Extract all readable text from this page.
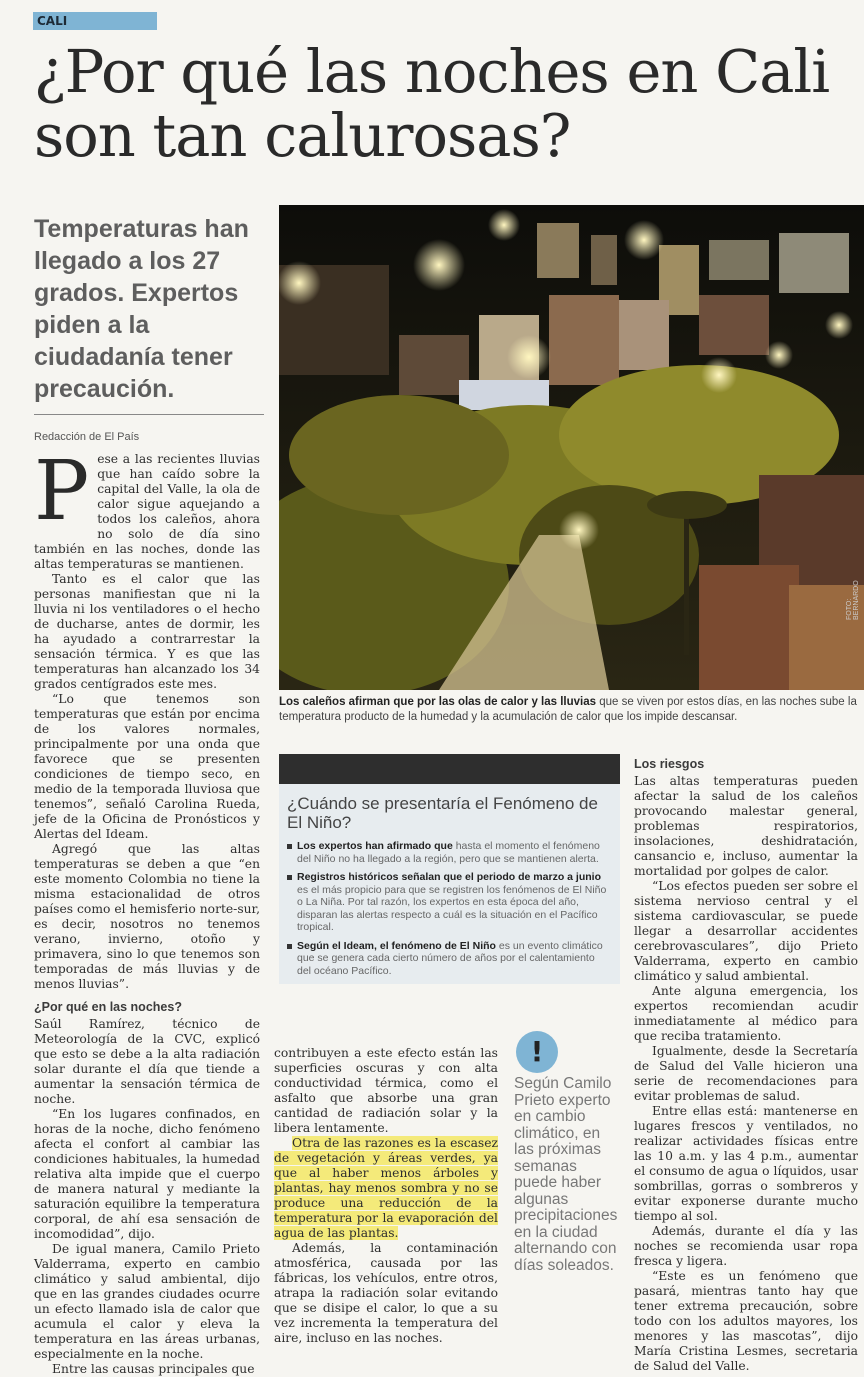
CALI
¿Por qué las noches en Cali son tan calurosas?

Temperaturas han llegado a los 27 grados. Expertos piden a la ciudadanía tener precaución.

Redacción de El País
FOTO: BERNARDO

Los caleños afirman que por las olas de calor y las lluvias que se viven por estos días, en las noches sube la temperatura producto de la humedad y la acumulación de calor que los impide descansar.

Pese a las recientes lluvias que han caído sobre la capital del Valle, la ola de calor sigue aquejando a todos los caleños, ahora no solo de día sino también en las noches, donde las altas temperaturas se mantienen.

Tanto es el calor que las personas manifiestan que ni la lluvia ni los ventiladores o el hecho de ducharse, antes de dormir, les ha ayudado a contrarrestar la sensación térmica. Y es que las temperaturas han alcanzado los 34 grados centígrados este mes.

“Lo que tenemos son temperaturas que están por encima de los valores normales, principalmente por una onda que favorece que se presenten condiciones de tiempo seco, en medio de la temporada lluviosa que tenemos”, señaló Carolina Rueda, jefe de la Oficina de Pronósticos y Alertas del Ideam.

Agregó que las altas temperaturas se deben a que “en este momento Colombia no tiene la misma estacionalidad de otros países como el hemisferio norte-sur, es decir, nosotros no tenemos verano, invierno, otoño y primavera, sino lo que tenemos son temporadas de más lluvias y de menos lluvias”.

¿Por qué en las noches?

Saúl Ramírez, técnico de Meteorología de la CVC, explicó que esto se debe a la alta radiación solar durante el día que tiende a aumentar la sensación térmica de noche.

“En los lugares confinados, en horas de la noche, dicho fenómeno afecta el confort al cambiar las condiciones habituales, la humedad relativa alta impide que el cuerpo de manera natural y mediante la saturación equilibre la temperatura corporal, de ahí esa sensación de incomodidad”, dijo.

De igual manera, Camilo Prieto Valderrama, experto en cambio climático y salud ambiental, dijo que en las grandes ciudades ocurre un efecto llamado isla de calor que acumula el calor y eleva la temperatura en las áreas urbanas, especialmente en la noche.

Entre las causas principales que

¿Cuándo se presentaría el Fenómeno de El Niño?
Los expertos han afirmado que hasta el momento el fenómeno del Niño no ha llegado a la región, pero que se mantienen alerta.
Registros históricos señalan que el periodo de marzo a junio es el más propicio para que se registren los fenómenos de El Niño o La Niña. Por tal razón, los expertos en esta época del año, disparan las alertas respecto a cuál es la situación en el Pacífico tropical.
Según el Ideam, el fenómeno de El Niño es un evento climático que se genera cada cierto número de años por el calentamiento del océano Pacífico.

contribuyen a este efecto están las superficies oscuras y con alta conductividad térmica, como el asfalto que absorbe una gran cantidad de radiación solar y la libera lentamente.

Otra de las razones es la escasez de vegetación y áreas verdes, ya que al haber menos árboles y plantas, hay menos sombra y no se produce una reducción de la temperatura por la evaporación del agua de las plantas.

Además, la contaminación atmosférica, causada por las fábricas, los vehículos, entre otros, atrapa la radiación solar evitando que se disipe el calor, lo que a su vez incrementa la temperatura del aire, incluso en las noches.

!

Según Camilo Prieto experto en cambio climático, en las próximas semanas puede haber algunas precipitaciones en la ciudad alternando con días soleados.

Los riesgos

Las altas temperaturas pueden afectar la salud de los caleños provocando malestar general, problemas respiratorios, insolaciones, deshidratación, cansancio e, incluso, aumentar la mortalidad por golpes de calor.

“Los efectos pueden ser sobre el sistema nervioso central y el sistema cardiovascular, se puede llegar a desarrollar accidentes cerebrovasculares”, dijo Prieto Valderrama, experto en cambio climático y salud ambiental.

Ante alguna emergencia, los expertos recomiendan acudir inmediatamente al médico para que reciba tratamiento.

Igualmente, desde la Secretaría de Salud del Valle hicieron una serie de recomendaciones para evitar problemas de salud.

Entre ellas está: mantenerse en lugares frescos y ventilados, no realizar actividades físicas entre las 10 a.m. y las 4 p.m., aumentar el consumo de agua o líquidos, usar sombrillas, gorras o sombreros y evitar exponerse durante mucho tiempo al sol.

Además, durante el día y las noches se recomienda usar ropa fresca y ligera.

“Este es un fenómeno que pasará, mientras tanto hay que tener extrema precaución, sobre todo con los adultos mayores, los menores y las mascotas”, dijo María Cristina Lesmes, secretaria de Salud del Valle.
